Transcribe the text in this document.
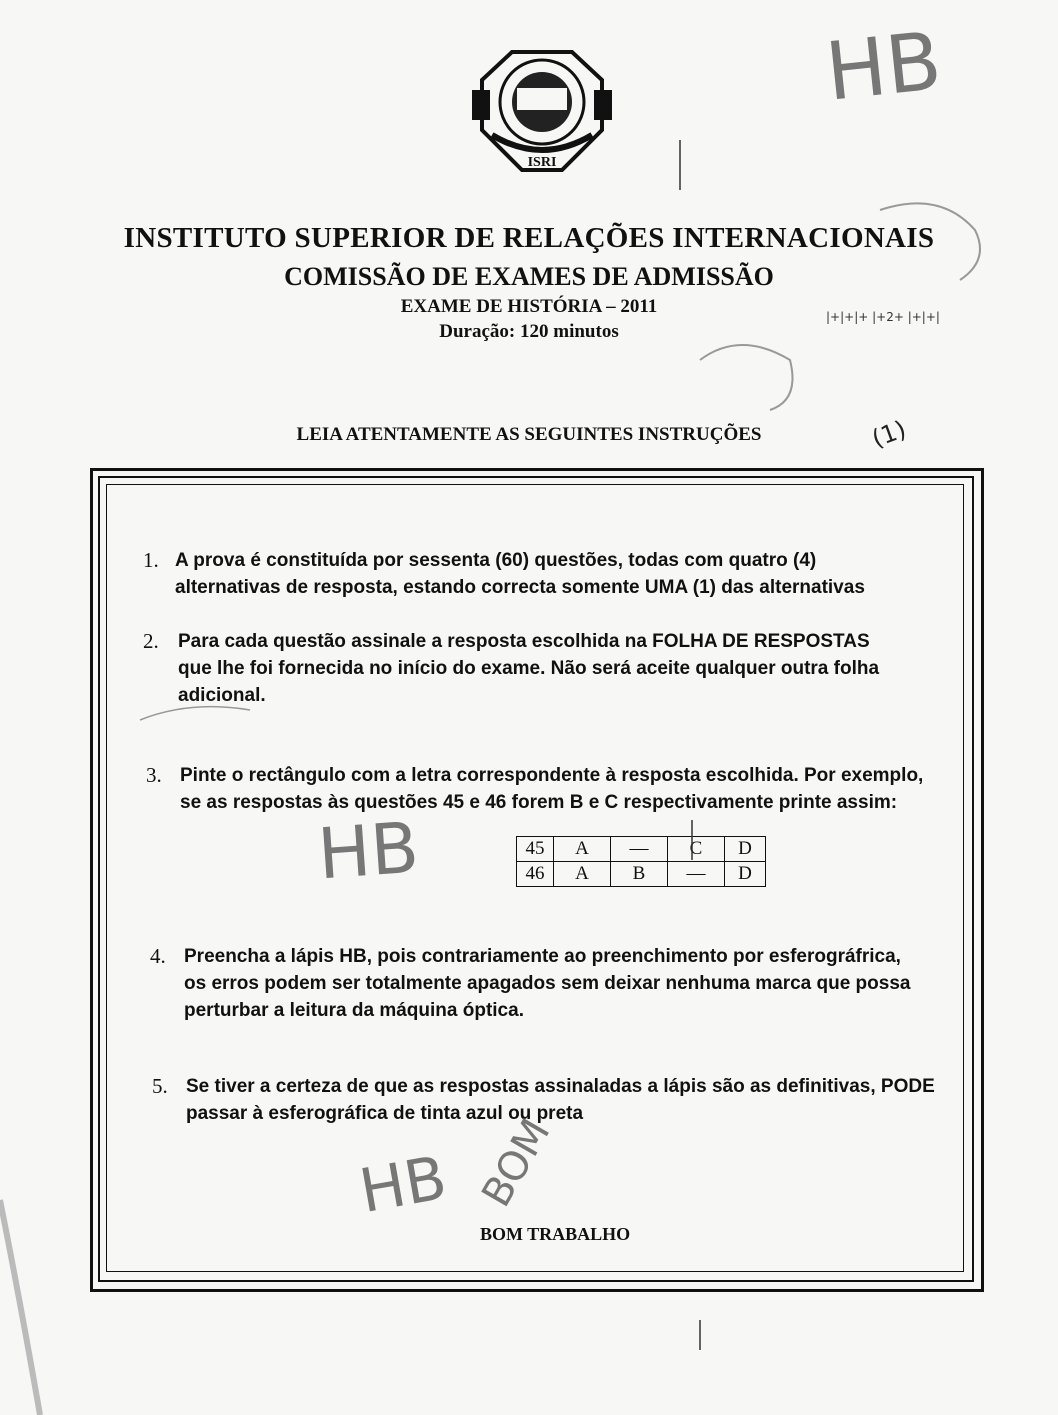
ISRI
INSTITUTO SUPERIOR DE RELAÇÕES INTERNACIONAIS
COMISSÃO DE EXAMES DE ADMISSÃO
EXAME DE HISTÓRIA – 2011
Duração: 120 minutos
LEIA ATENTAMENTE AS SEGUINTES INSTRUÇÕES
|+|+|+ |+2+ |+|+|
1. A prova é constituída por sessenta (60) questões, todas com quatro (4)
alternativas de resposta, estando correcta somente UMA (1) das alternativas
2. Para cada questão assinale a resposta escolhida na FOLHA DE RESPOSTAS
que lhe foi fornecida no início do exame. Não será aceite qualquer outra folha
adicional.
3. Pinte o rectângulo com a letra correspondente à resposta escolhida. Por exemplo,
se as respostas às questões 45 e 46 forem B e C respectivamente printe assim:
45	A	—	C	D
46	A	B	—	D
4. Preencha a lápis HB, pois contrariamente ao preenchimento por esferográfrica,
os erros podem ser totalmente apagados sem deixar nenhuma marca que possa
perturbar a leitura da máquina óptica.
5. Se tiver a certeza de que as respostas assinaladas a lápis são as definitivas, PODE
passar à esferográfica de tinta azul ou preta
BOM TRABALHO
HB
HB
HB BOM
(1)
